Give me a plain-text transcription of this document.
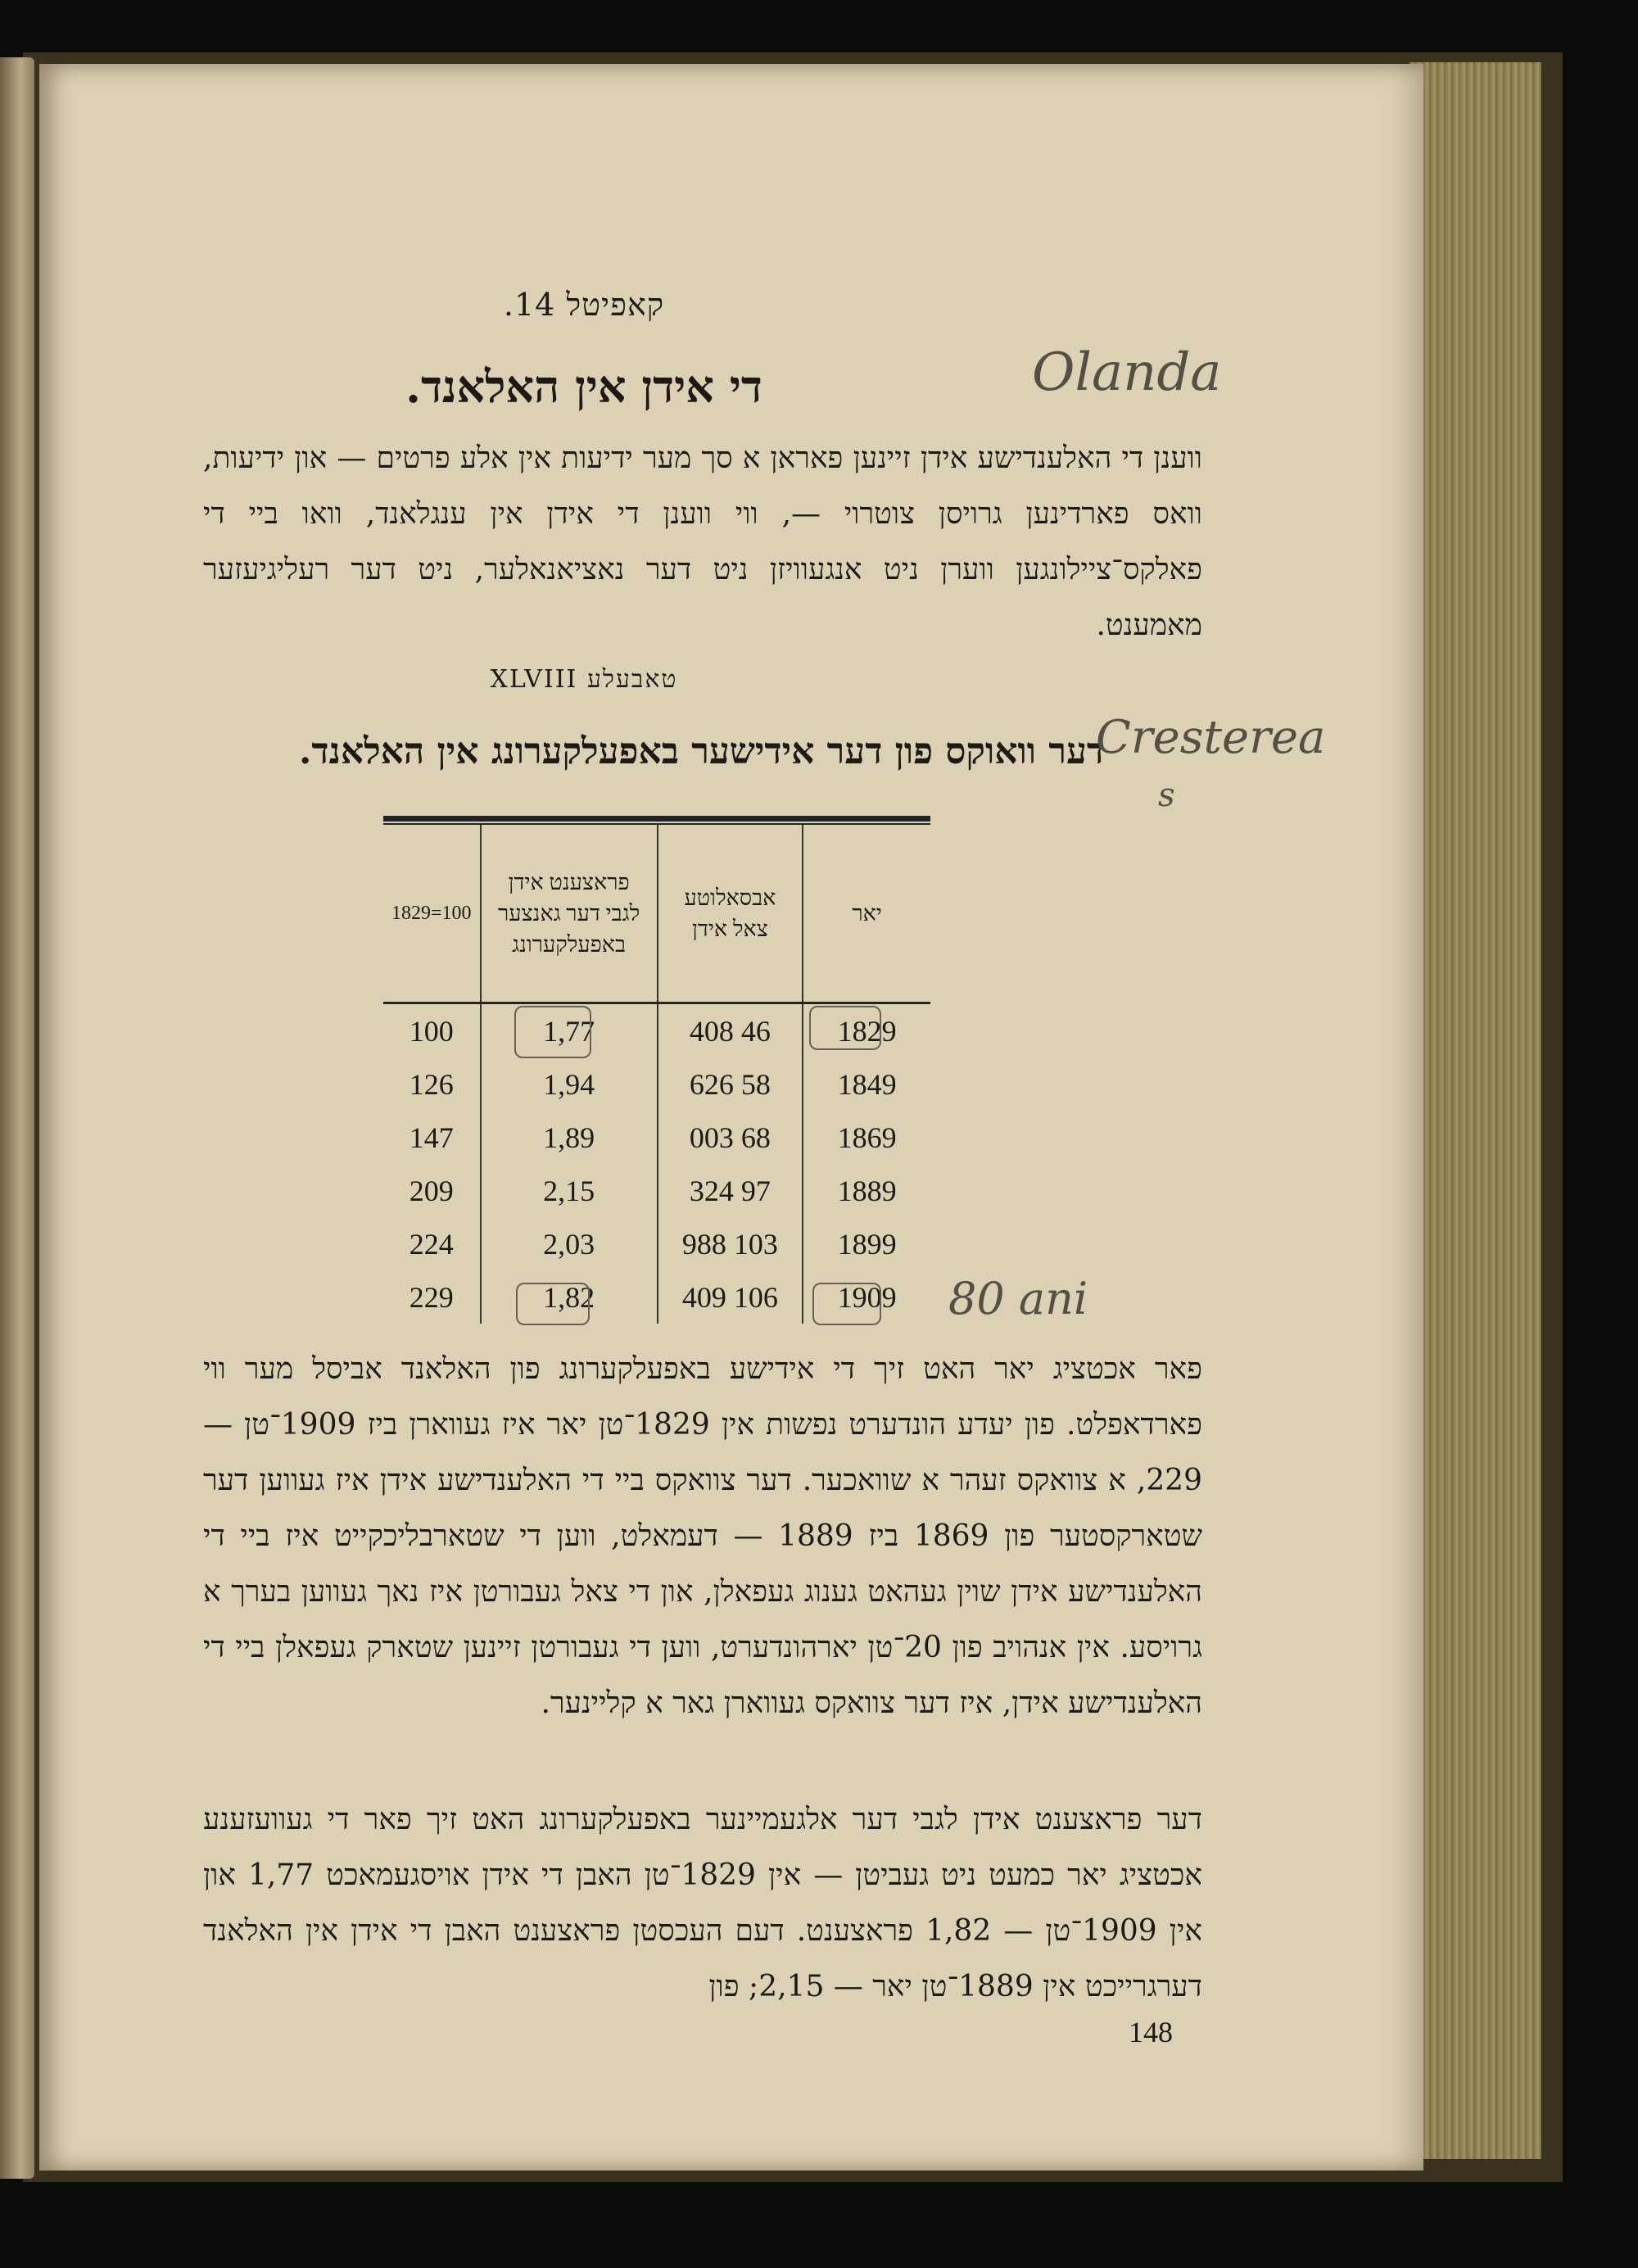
קאפיטל 14.
די אידן אין האלאנד.	Olanda
ווענן די האלענדישע אידן זיינען פאראן א סך מער ידיעות אין אלע פרטים — און ידיעות, וואס פארדינען גרויסן צוטרוי —, ווי ווענן די אידן אין ענגלאנד, וואו ביי די פאלקס־ציילונגען ווערן ניט אנגעוויזן ניט דער נאציאנאלער, ניט דער רעליגיעזער מאמענט.
טאבעלע XLVIII
דער וואוקס פון דער אידישער באפעלקערונג אין האלאנד.
Cresterea
s
יאר	אבסאלוטע צאל אידן	פראצענט אידן לגבי דער גאנצער באפעלקערונג	1829=100
1829	46 408	1,77	100
1849	58 626	1,94	126
1869	68 003	1,89	147
1889	97 324	2,15	209
1899	103 988	2,03	224
1909	106 409	1,82	229	80 ani
פאר אכטציג יאר האט זיך די אידישע באפעלקערונג פון האלאנד אביסל מער ווי פארדאפלט. פון יעדע הונדערט נפשות אין 1829־טן יאר איז געווארן ביז 1909־טן — 229, א צוואקס זעהר א שוואכער. דער צוואקס ביי די האלענדישע אידן איז געווען דער שטארקסטער פון 1869 ביז 1889 — דעמאלט, ווען די שטארבליכקייט איז ביי די האלענדישע אידן שוין געהאט גענוג געפאלן, און די צאל געבורטן איז נאך געווען בערך א גרויסע. אין אנהויב פון 20־טן יארהונדערט, ווען די געבורטן זיינען שטארק געפאלן ביי די האלענדישע אידן, איז דער צוואקס געווארן גאר א קליינער.
דער פראצענט אידן לגבי דער אלגעמיינער באפעלקערונג האט זיך פאר די געוועזענע אכטציג יאר כמעט ניט געביטן — אין 1829־טן האבן די אידן אויסגעמאכט 1,77 און אין 1909־טן — 1,82 פראצענט. דעם העכסטן פראצענט האבן די אידן אין האלאנד דערגרייכט אין 1889־טן יאר — 2,15; פון
148
